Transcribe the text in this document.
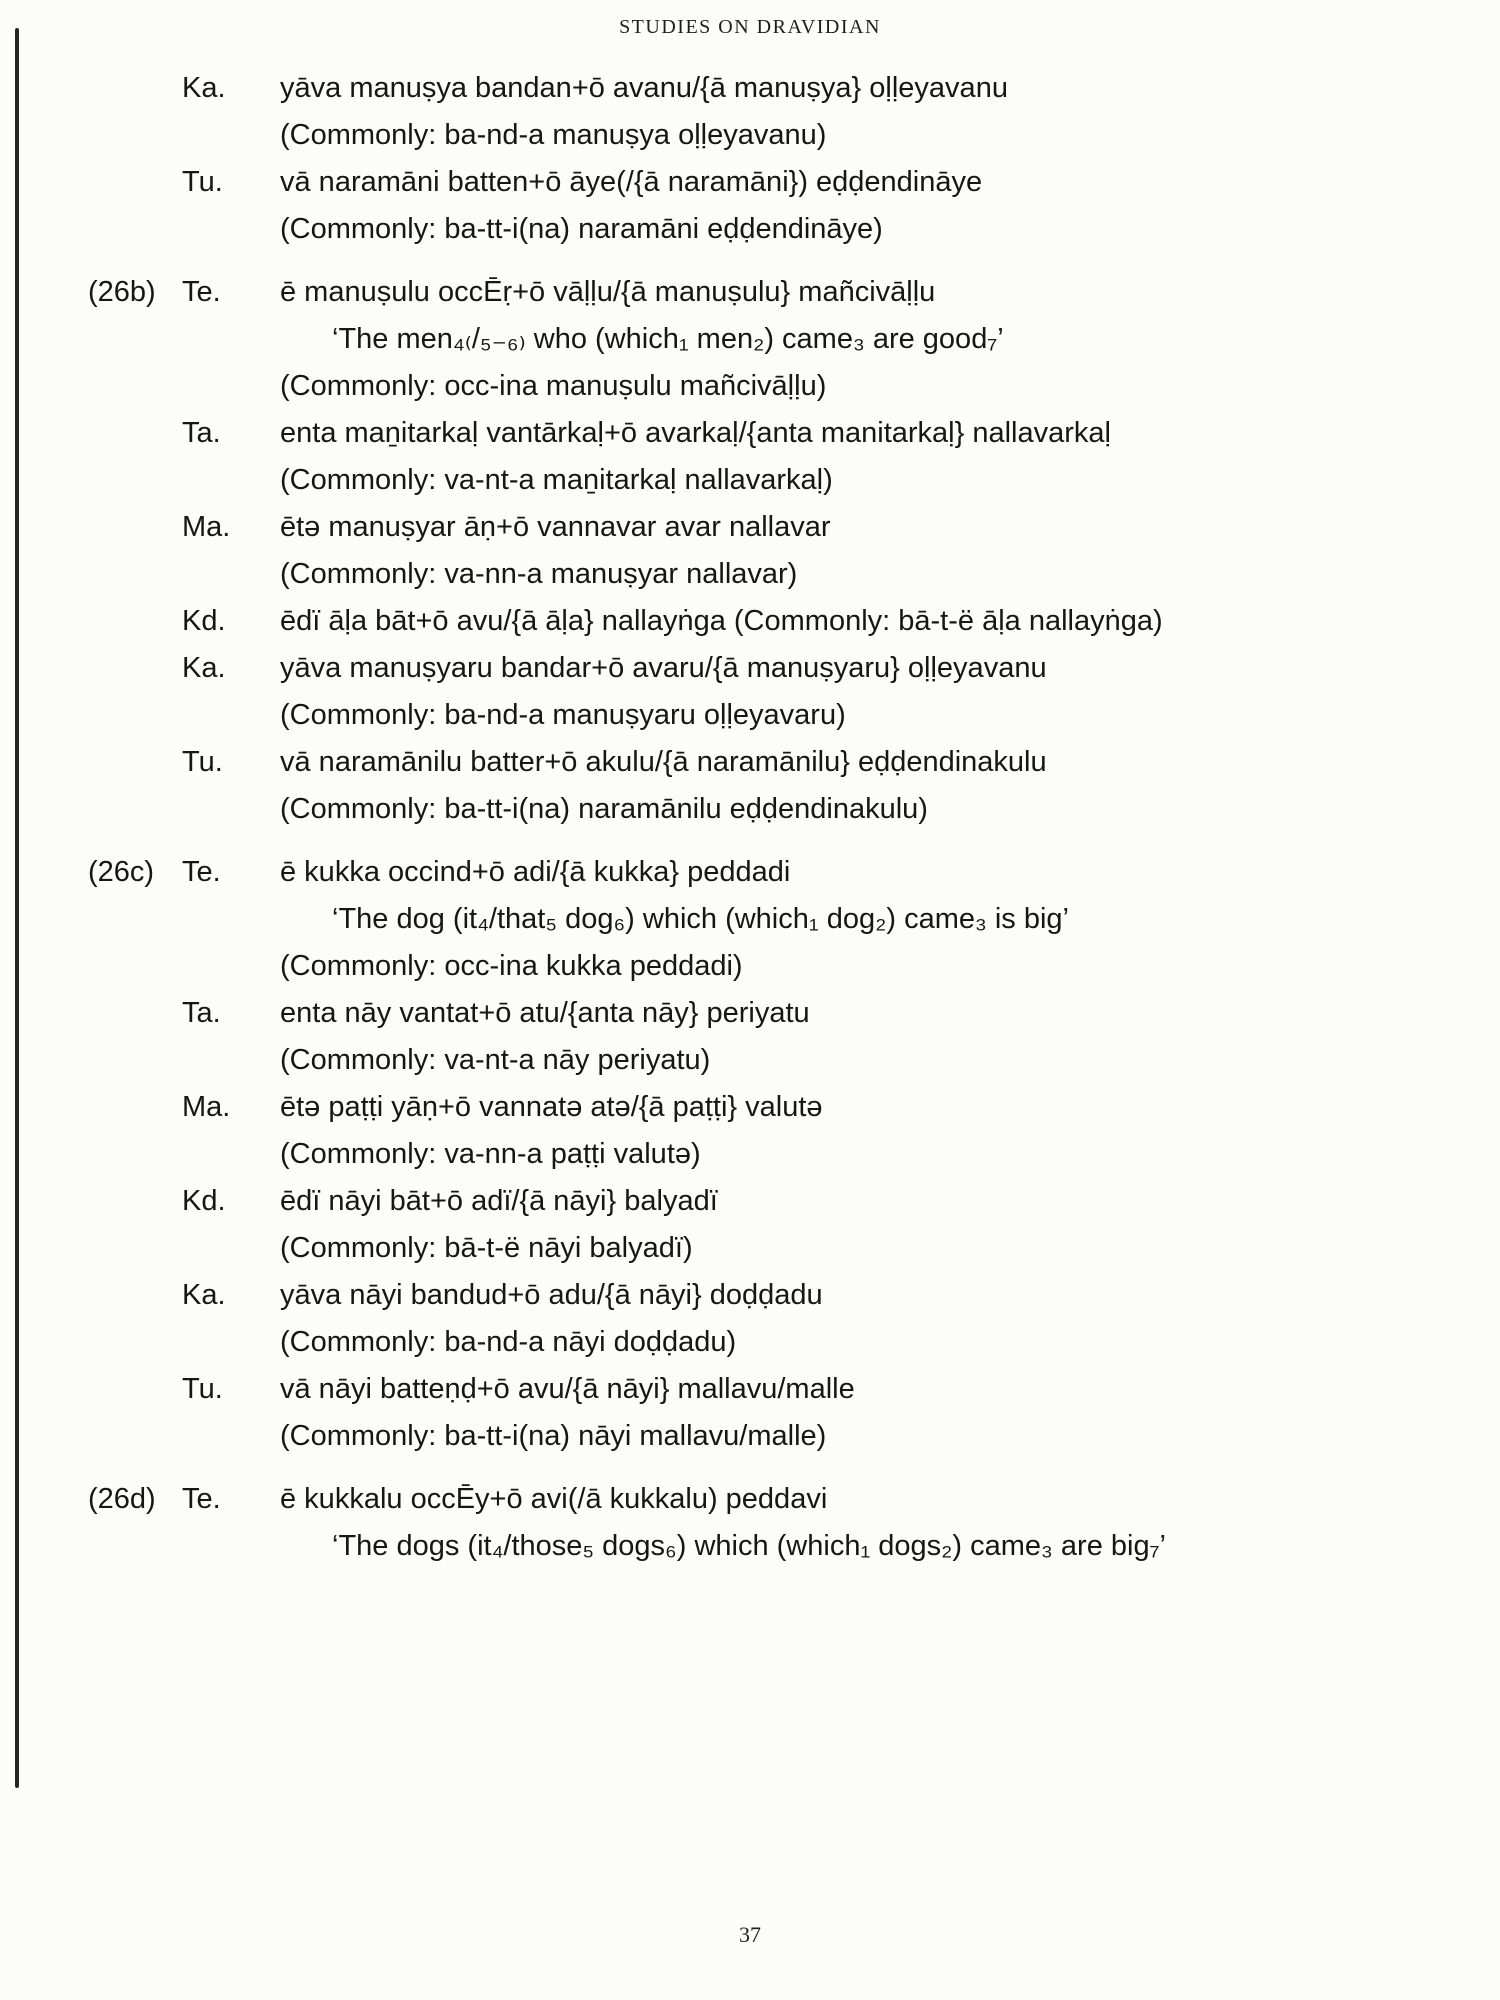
STUDIES ON DRAVIDIAN
Ka.	yāva manuṣya bandan+ō avanu/{ā manuṣya} oḷḷeyavanu
(Commonly: ba-nd-a manuṣya oḷḷeyavanu)
Tu.	vā naramāni batten+ō āye(/{ā naramāni}) eḍḍendināye
(Commonly: ba-tt-i(na) naramāni eḍḍendināye)
(26b) Te.	ē manuṣulu occĒṛ+ō vāḷḷu/{ā manuṣulu} mañcivāḷḷu
‘The men₄₍/₅₋₆₎ who (which₁ men₂) came₃ are good₇’
(Commonly: occ-ina manuṣulu mañcivāḷḷu)
Ta.	enta maṉitarkaḷ vantārkaḷ+ō avarkaḷ/{anta manitarkaḷ} nallavarkaḷ
(Commonly: va-nt-a maṉitarkaḷ nallavarkaḷ)
Ma.	ētə manuṣyar āṇ+ō vannavar avar nallavar
(Commonly: va-nn-a manuṣyar nallavar)
Kd.	ēdï āḷa bāt+ō avu/{ā āḷa} nallayṅga (Commonly: bā-t-ë āḷa nallayṅga)
Ka.	yāva manuṣyaru bandar+ō avaru/{ā manuṣyaru} oḷḷeyavanu
(Commonly: ba-nd-a manuṣyaru oḷḷeyavaru)
Tu.	vā naramānilu batter+ō akulu/{ā naramānilu} eḍḍendinakulu
(Commonly: ba-tt-i(na) naramānilu eḍḍendinakulu)
(26c) Te.	ē kukka occind+ō adi/{ā kukka} peddadi
‘The dog (it₄/that₅ dog₆) which (which₁ dog₂) came₃ is big’
(Commonly: occ-ina kukka peddadi)
Ta.	enta nāy vantat+ō atu/{anta nāy} periyatu
(Commonly: va-nt-a nāy periyatu)
Ma.	ētə paṭṭi yāṇ+ō vannatə atə/{ā paṭṭi} valutə
(Commonly: va-nn-a paṭṭi valutə)
Kd.	ēdï nāyi bāt+ō adï/{ā nāyi} balyadï
(Commonly: bā-t-ë nāyi balyadï)
Ka.	yāva nāyi bandud+ō adu/{ā nāyi} doḍḍadu
(Commonly: ba-nd-a nāyi doḍḍadu)
Tu.	vā nāyi batteṇḍ+ō avu/{ā nāyi} mallavu/malle
(Commonly: ba-tt-i(na) nāyi mallavu/malle)
(26d) Te.	ē kukkalu occĒy+ō avi(/ā kukkalu) peddavi
‘The dogs (it₄/those₅ dogs₆) which (which₁ dogs₂) came₃ are big₇’
37
